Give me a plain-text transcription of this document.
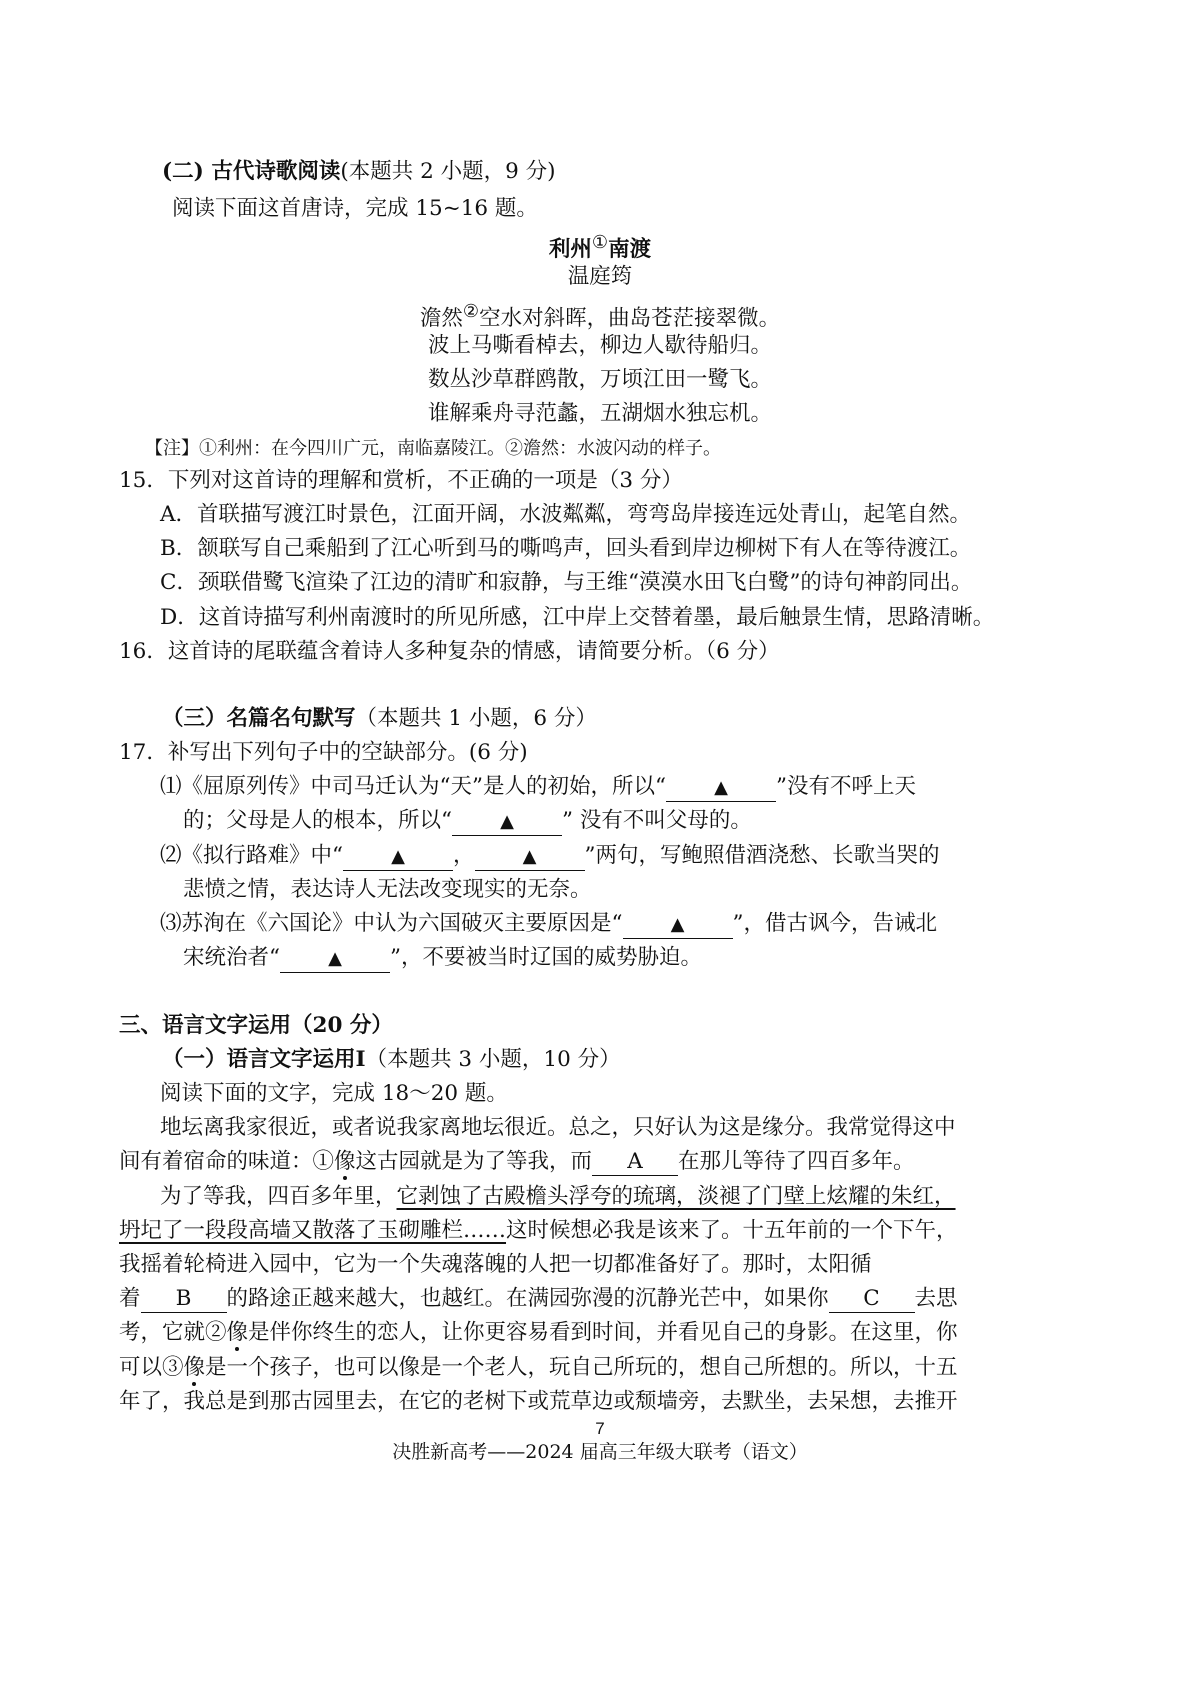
(二) 古代诗歌阅读(本题共 2 小题，9 分)
阅读下面这首唐诗，完成 15~16 题。
利州①南渡
温庭筠
澹然②空水对斜晖，曲岛苍茫接翠微。
波上马嘶看棹去，柳边人歇待船归。
数丛沙草群鸥散，万顷江田一鹭飞。
谁解乘舟寻范蠡，五湖烟水独忘机。
【注】①利州：在今四川广元，南临嘉陵江。②澹然：水波闪动的样子。
15．下列对这首诗的理解和赏析，不正确的一项是（3 分）
A．首联描写渡江时景色，江面开阔，水波粼粼，弯弯岛岸接连远处青山，起笔自然。
B．颔联写自己乘船到了江心听到马的嘶鸣声，回头看到岸边柳树下有人在等待渡江。
C．颈联借鹭飞渲染了江边的清旷和寂静，与王维“漠漠水田飞白鹭”的诗句神韵同出。
D．这首诗描写利州南渡时的所见所感，江中岸上交替着墨，最后触景生情，思路清晰。
16．这首诗的尾联蕴含着诗人多种复杂的情感，请简要分析。（6 分）
（三）名篇名句默写（本题共 1 小题，6 分）
17．补写出下列句子中的空缺部分。(6 分)
⑴《屈原列传》中司马迁认为“天”是人的初始，所以“	▲ ”没有不呼上天
的；父母是人的根本，所以“	▲ ” 没有不叫父母的。
⑵《拟行路难》中“	▲ ，	▲ ”两句，写鲍照借酒浇愁、长歌当哭的
悲愤之情，表达诗人无法改变现实的无奈。
⑶苏洵在《六国论》中认为六国破灭主要原因是“	▲ ”，借古讽今，告诫北
宋统治者“	▲ ”，不要被当时辽国的威势胁迫。
三、语言文字运用（20 分）
（一）语言文字运用Ⅰ（本题共 3 小题，10 分）
阅读下面的文字，完成 18～20 题。
地坛离我家很近，或者说我家离地坛很近。总之，只好认为这是缘分。我常觉得这中
间有着宿命的味道：①像这古园就是为了等我，而 A 在那儿等待了四百多年。
为了等我，四百多年里，它剥蚀了古殿檐头浮夸的琉璃，淡褪了门壁上炫耀的朱红，
坍圮了一段段高墙又散落了玉砌雕栏……这时候想必我是该来了。十五年前的一个下午，
我摇着轮椅进入园中，它为一个失魂落魄的人把一切都准备好了。那时，太阳循
着 B 的路途正越来越大，也越红。在满园弥漫的沉静光芒中，如果你 C 去思
考，它就②像是伴你终生的恋人，让你更容易看到时间，并看见自己的身影。在这里，你
可以③像是一个孩子，也可以像是一个老人，玩自己所玩的，想自己所想的。所以，十五
年了，我总是到那古园里去，在它的老树下或荒草边或颓墙旁，去默坐，去呆想，去推开
7
决胜新高考——2024 届高三年级大联考（语文）
